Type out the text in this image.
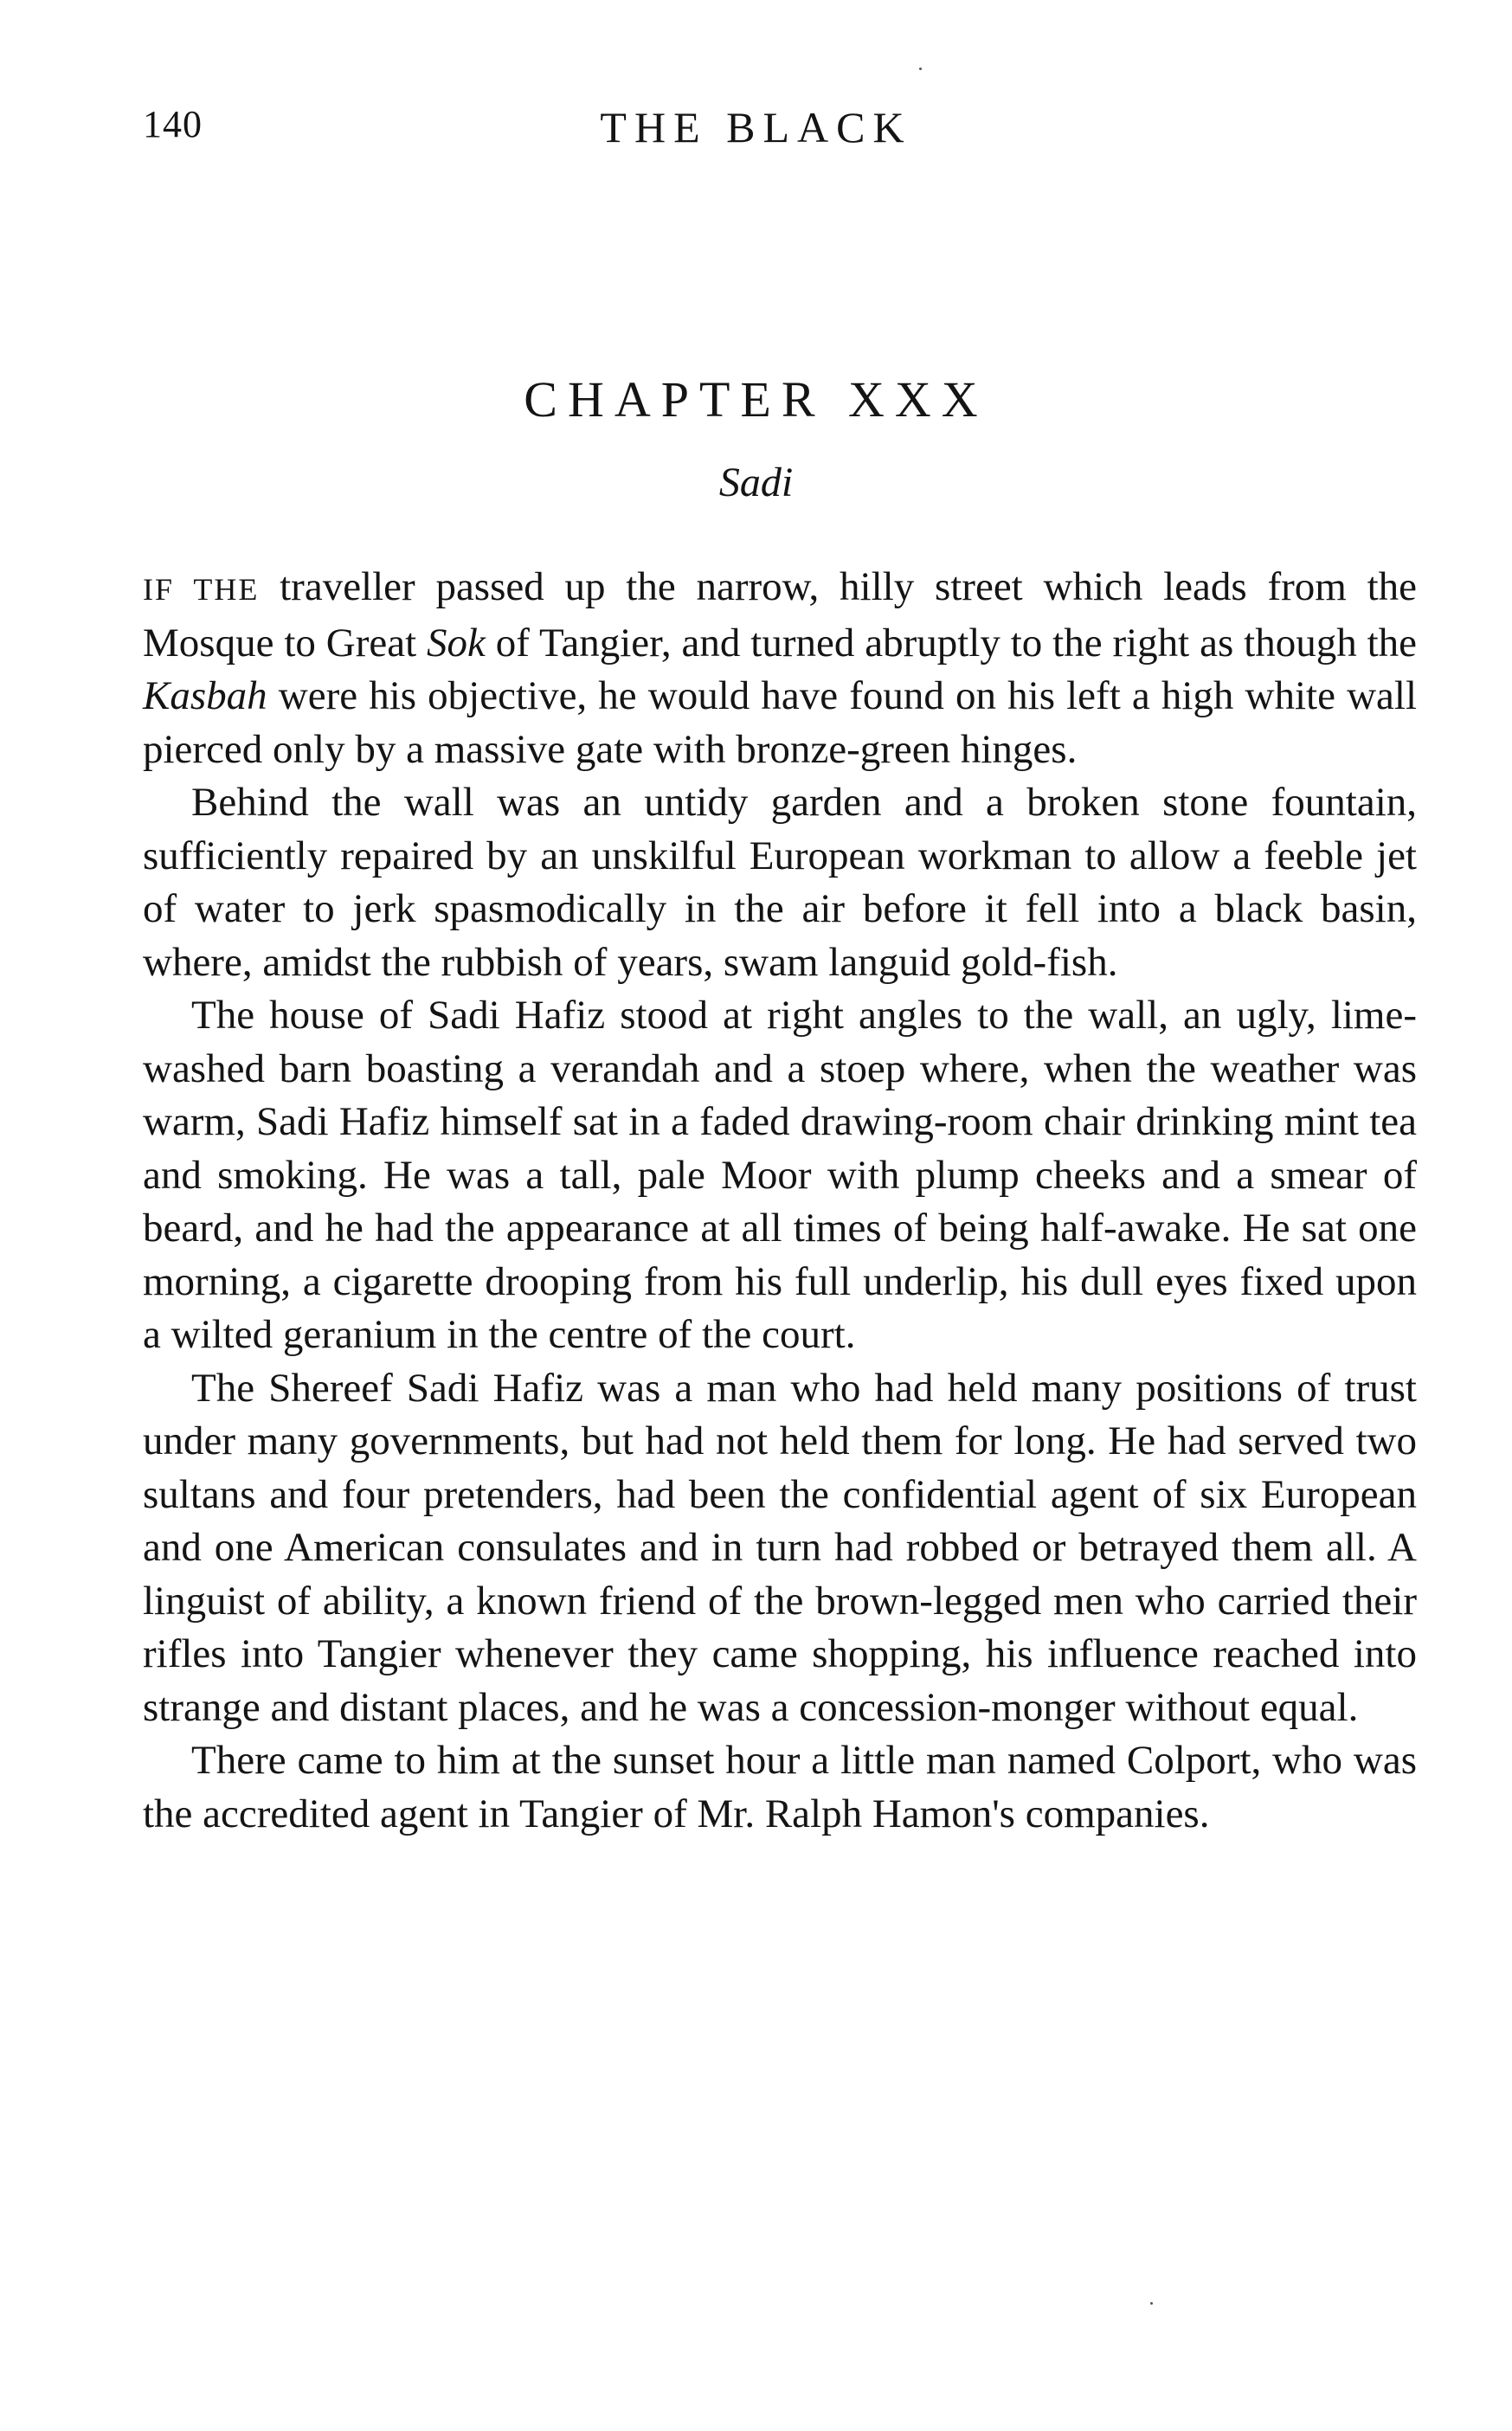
140	THE BLACK
CHAPTER XXX
Sadi

IF THE traveller passed up the narrow, hilly street which leads from the Mosque to Great Sok of Tangier, and turned abruptly to the right as though the Kasbah were his objective, he would have found on his left a high white wall pierced only by a massive gate with bronze-green hinges.

Behind the wall was an untidy garden and a broken stone fountain, sufficiently repaired by an unskilful European workman to allow a feeble jet of water to jerk spasmodically in the air before it fell into a black basin, where, amidst the rubbish of years, swam languid gold-fish.

The house of Sadi Hafiz stood at right angles to the wall, an ugly, lime-washed barn boasting a verandah and a stoep where, when the weather was warm, Sadi Hafiz himself sat in a faded drawing-room chair drinking mint tea and smoking. He was a tall, pale Moor with plump cheeks and a smear of beard, and he had the appearance at all times of being half-awake. He sat one morning, a cigarette drooping from his full underlip, his dull eyes fixed upon a wilted geranium in the centre of the court.

The Shereef Sadi Hafiz was a man who had held many positions of trust under many governments, but had not held them for long. He had served two sultans and four pretenders, had been the confidential agent of six European and one American consulates and in turn had robbed or betrayed them all. A linguist of ability, a known friend of the brown-legged men who carried their rifles into Tangier whenever they came shopping, his influence reached into strange and distant places, and he was a concession-monger without equal.

There came to him at the sunset hour a little man named Colport, who was the accredited agent in Tangier of Mr. Ralph Hamon's companies.
